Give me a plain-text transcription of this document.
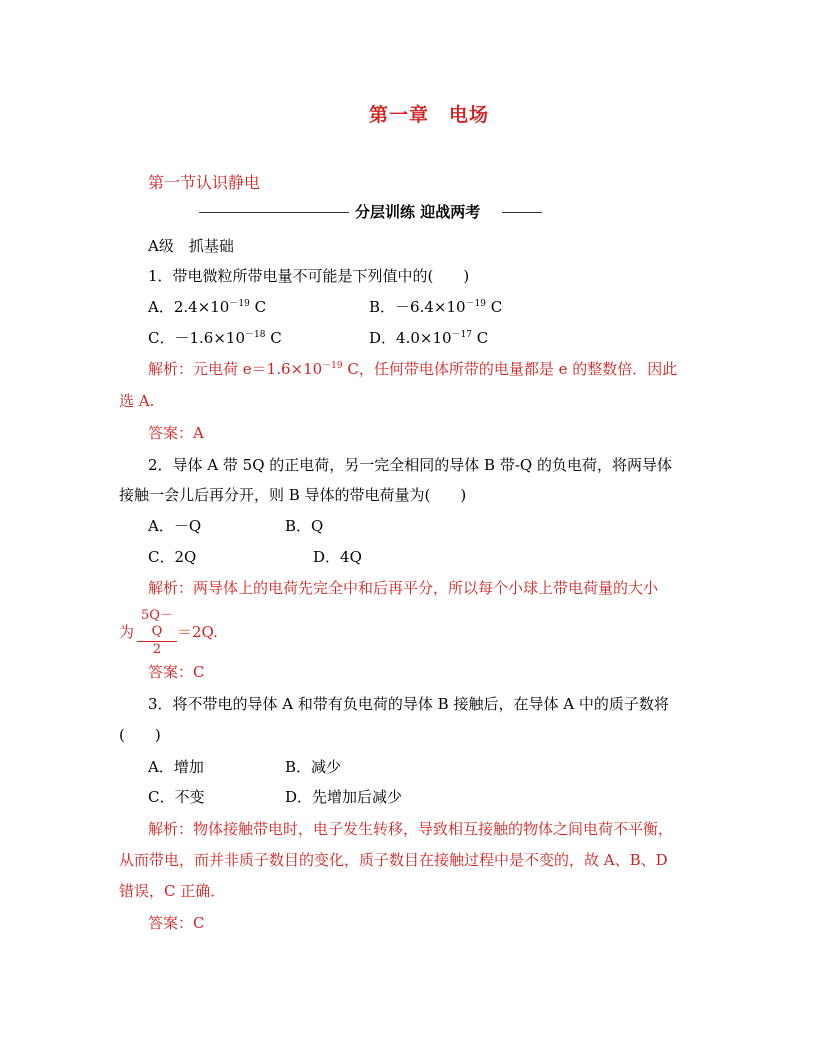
第一章　电场
第一节认识静电
分层训练 迎战两考
A级　抓基础
1．带电微粒所带电量不可能是下列值中的(　　)
A．$2.4\times 10^{-19}$ C	B．$-6.4\times 10^{-19}$ C
C．$-1.6\times 10^{-18}$ C	D．$4.0\times 10^{-17}$ C
解析：元电荷 $e=1.6\times 10^{-19}$ C，任何带电体所带的电量都是 e 的整数倍．因此
选 A.
答案：A
2．导体 A 带 5Q 的正电荷，另一完全相同的导体 B 带-Q 的负电荷，将两导体
接触一会儿后再分开，则 B 导体的带电荷量为(　　)
A．－Q	B．Q
C．2Q	D．4Q
解析：两导体上的电荷先完全中和后再平分，所以每个小球上带电荷量的大小
为
5Q－Q
2
＝2Q.
答案：C
3．将不带电的导体 A 和带有负电荷的导体 B 接触后，在导体 A 中的质子数将
(　　)
A．增加	B．减少
C．不变	D．先增加后减少
解析：物体接触带电时，电子发生转移，导致相互接触的物体之间电荷不平衡，
从而带电，而并非质子数目的变化，质子数目在接触过程中是不变的，故 A、B、D
错误，C 正确．
答案：C
